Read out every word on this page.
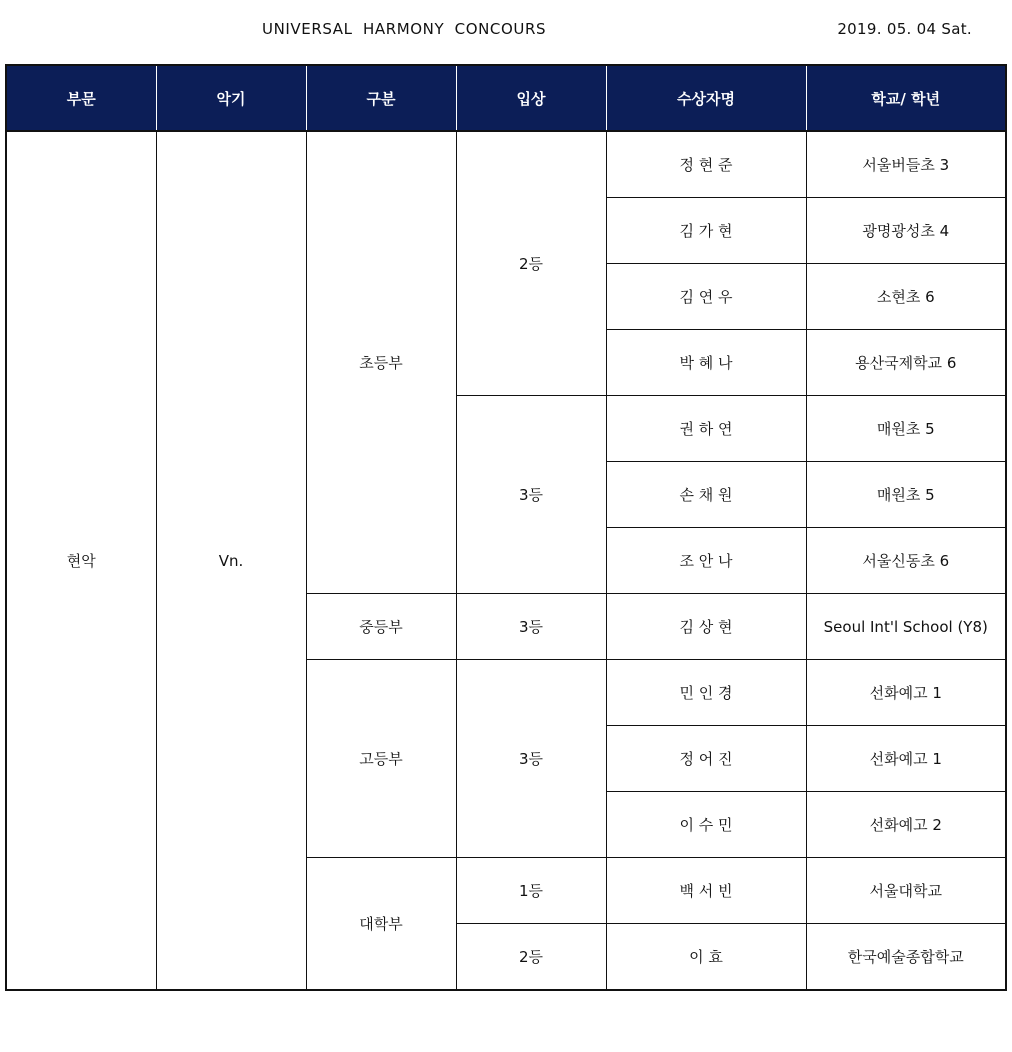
UNIVERSAL HARMONY CONCOURS	2019. 05. 04 Sat.
부문	악기	구분	입상	수상자명	학교/ 학년
현악	Vn.	초등부	2등	정 현 준	서울버들초 3
				김 가 현	광명광성초 4
				김 연 우	소현초 6
				박 혜 나	용산국제학교 6
			3등	권 하 연	매원초 5
				손 채 원	매원초 5
				조 안 나	서울신동초 6
		중등부	3등	김 상 현	Seoul Int'l School (Y8)
		고등부	3등	민 인 경	선화예고 1
				정 어 진	선화예고 1
				이 수 민	선화예고 2
		대학부	1등	백 서 빈	서울대학교
			2등	이 효	한국예술종합학교
